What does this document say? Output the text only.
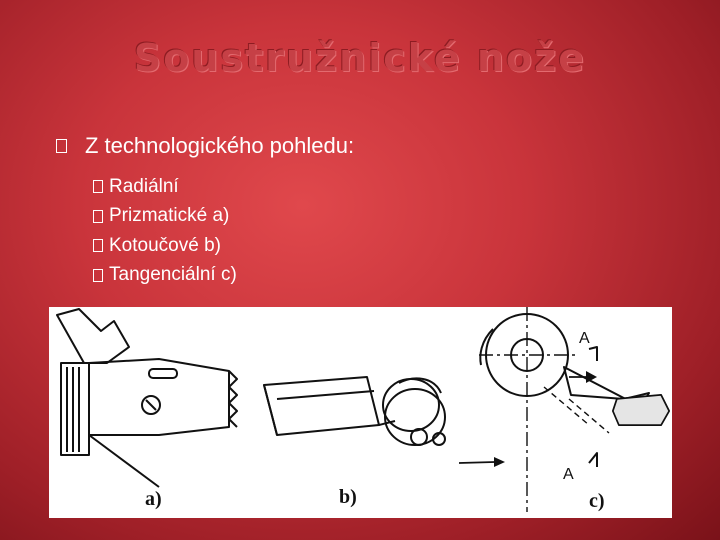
Soustružnické nože
Z technologického pohledu:
Radiální
Prizmatické a)
Kotoučové b)
Tangenciální c)
A
A
a)	b)	c)
